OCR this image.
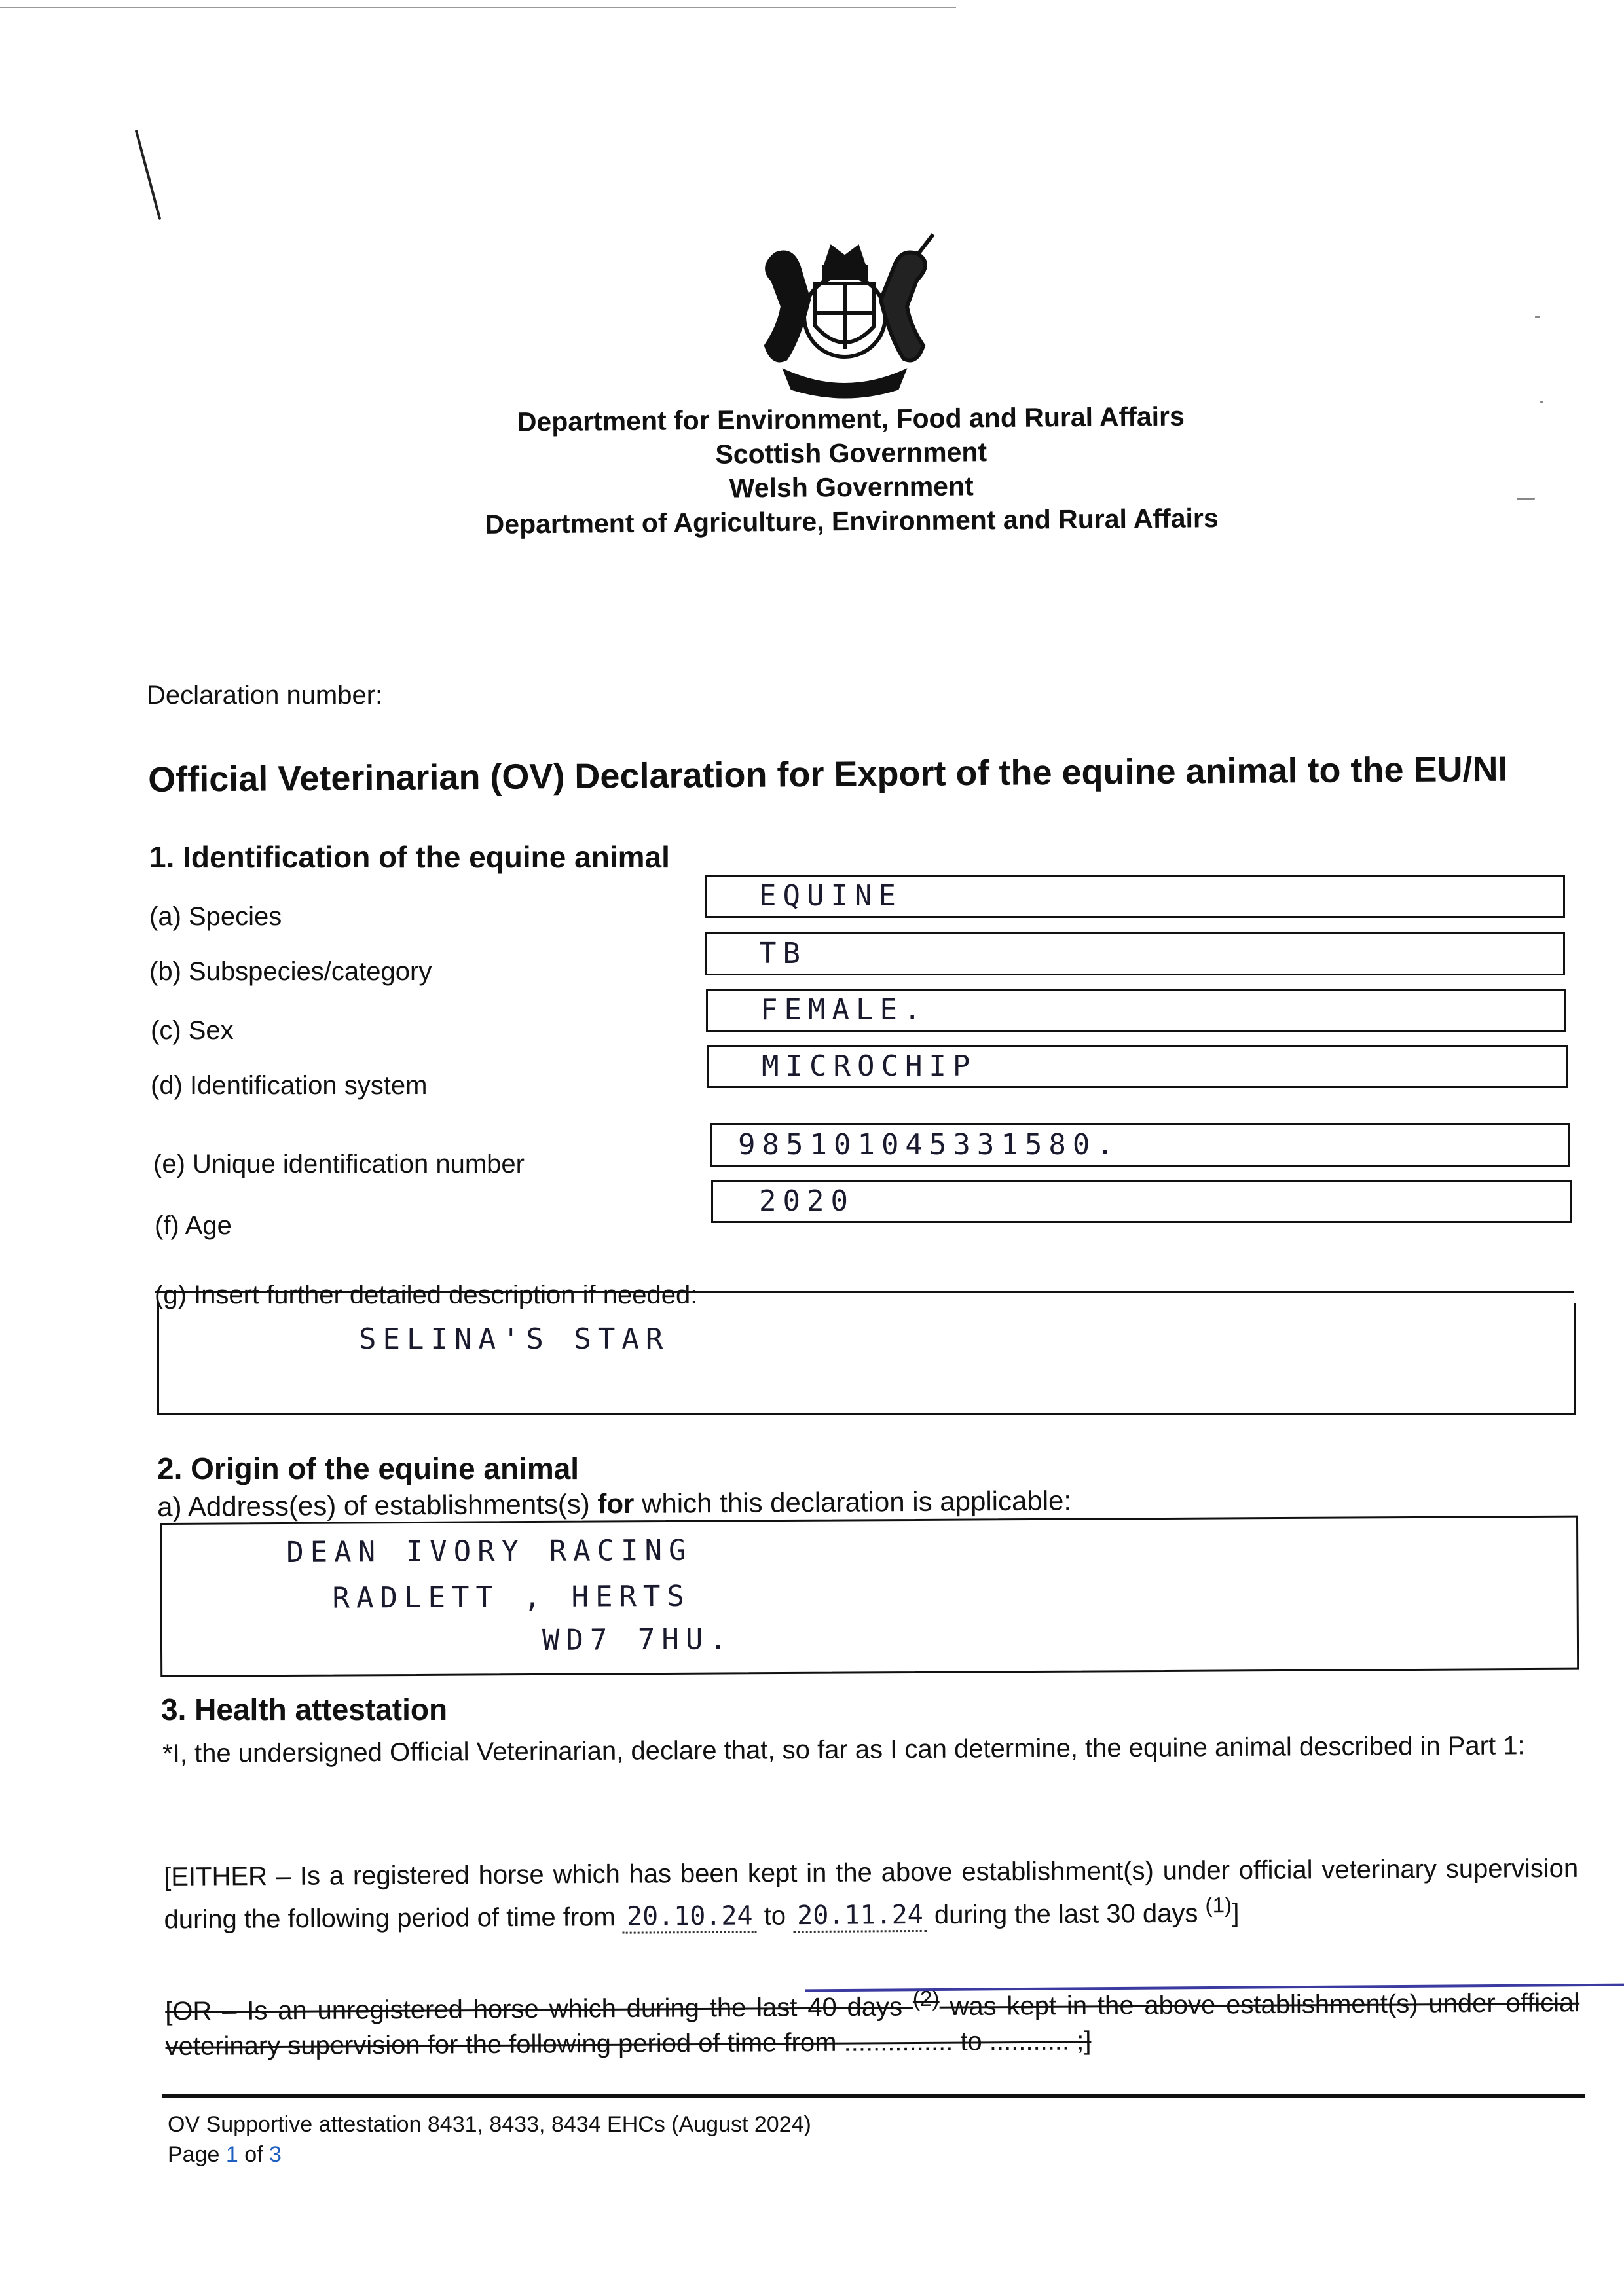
Department for Environment, Food and Rural Affairs
Scottish Government
Welsh Government
Department of Agriculture, Environment and Rural Affairs
Declaration number:
Official Veterinarian (OV) Declaration for Export of the equine animal to the EU/NI
1. Identification of the equine animal
(a) Species
EQUINE
(b) Subspecies/category
TB
(c) Sex
FEMALE.
(d) Identification system
MICROCHIP
(e) Unique identification number
985101045331580.
(f) Age
2020
(g) Insert further detailed description if needed:
SELINA'S STAR
2. Origin of the equine animal
a) Address(es) of establishments(s) for which this declaration is applicable:
DEAN IVORY RACING
RADLETT , HERTS
WD7 7HU.
3. Health attestation
*I, the undersigned Official Veterinarian, declare that, so far as I can determine, the equine animal described in Part 1:
[EITHER – Is a registered horse which has been kept in the above establishment(s) under official veterinary supervision during the following period of time from 20.10.24 to 20.11.24 during the last 30 days $^{(1)}$]
[OR – Is an unregistered horse which during the last 40 days $^{(2)}$ was kept in the above establishment(s) under official veterinary supervision for the following period of time from ............... to ........... ;]
OV Supportive attestation 8431, 8433, 8434 EHCs (August 2024)
Page 1 of 3
